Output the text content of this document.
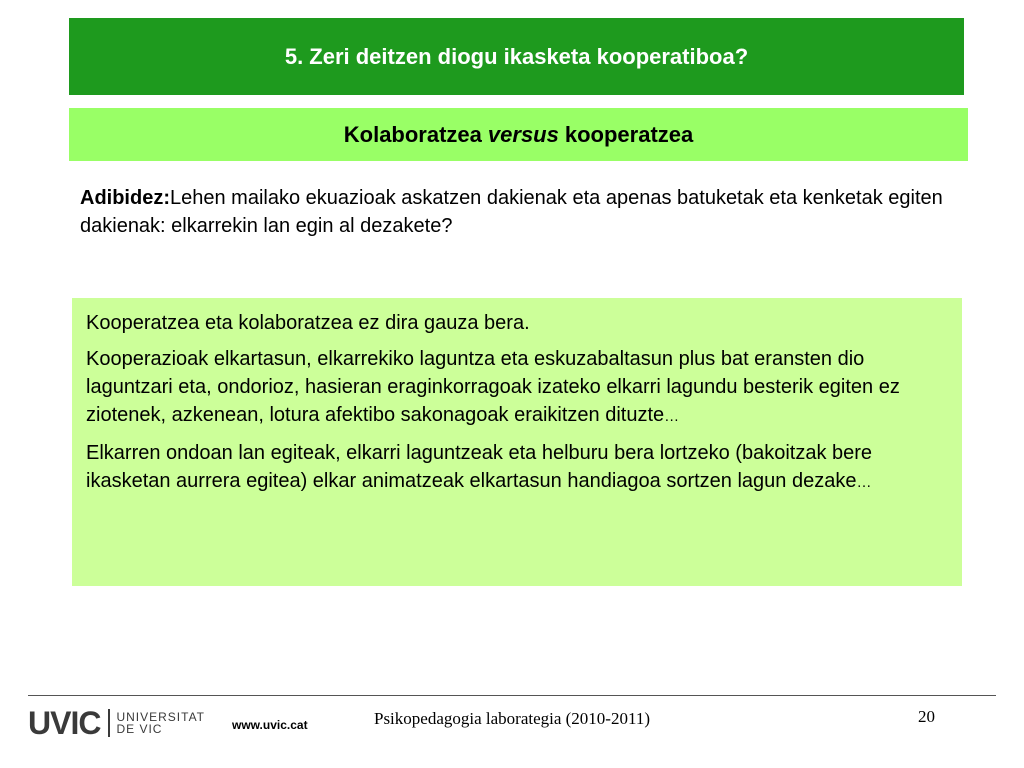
5. Zeri deitzen diogu ikasketa kooperatiboa?
Kolaboratzea versus kooperatzea
Adibidez:Lehen mailako ekuazioak askatzen dakienak eta apenas batuketak eta kenketak egiten dakienak: elkarrekin lan egin al dezakete?

Kooperatzea eta kolaboratzea ez dira gauza bera.

Kooperazioak elkartasun, elkarrekiko laguntza eta eskuzabaltasun plus bat eransten dio laguntzari eta, ondorioz, hasieran eraginkorragoak izateko elkarri lagundu besterik egiten ez ziotenek, azkenean, lotura afektibo sakonagoak eraikitzen dituzte…

Elkarren ondoan lan egiteak, elkarri laguntzeak eta helburu bera lortzeko (bakoitzak bere ikasketan aurrera egitea) elkar animatzeak elkartasun handiagoa sortzen lagun dezake…

UVIC UNIVERSITAT
DE VIC	www.uvic.cat	Psikopedagogia laborategia (2010-2011)	20
